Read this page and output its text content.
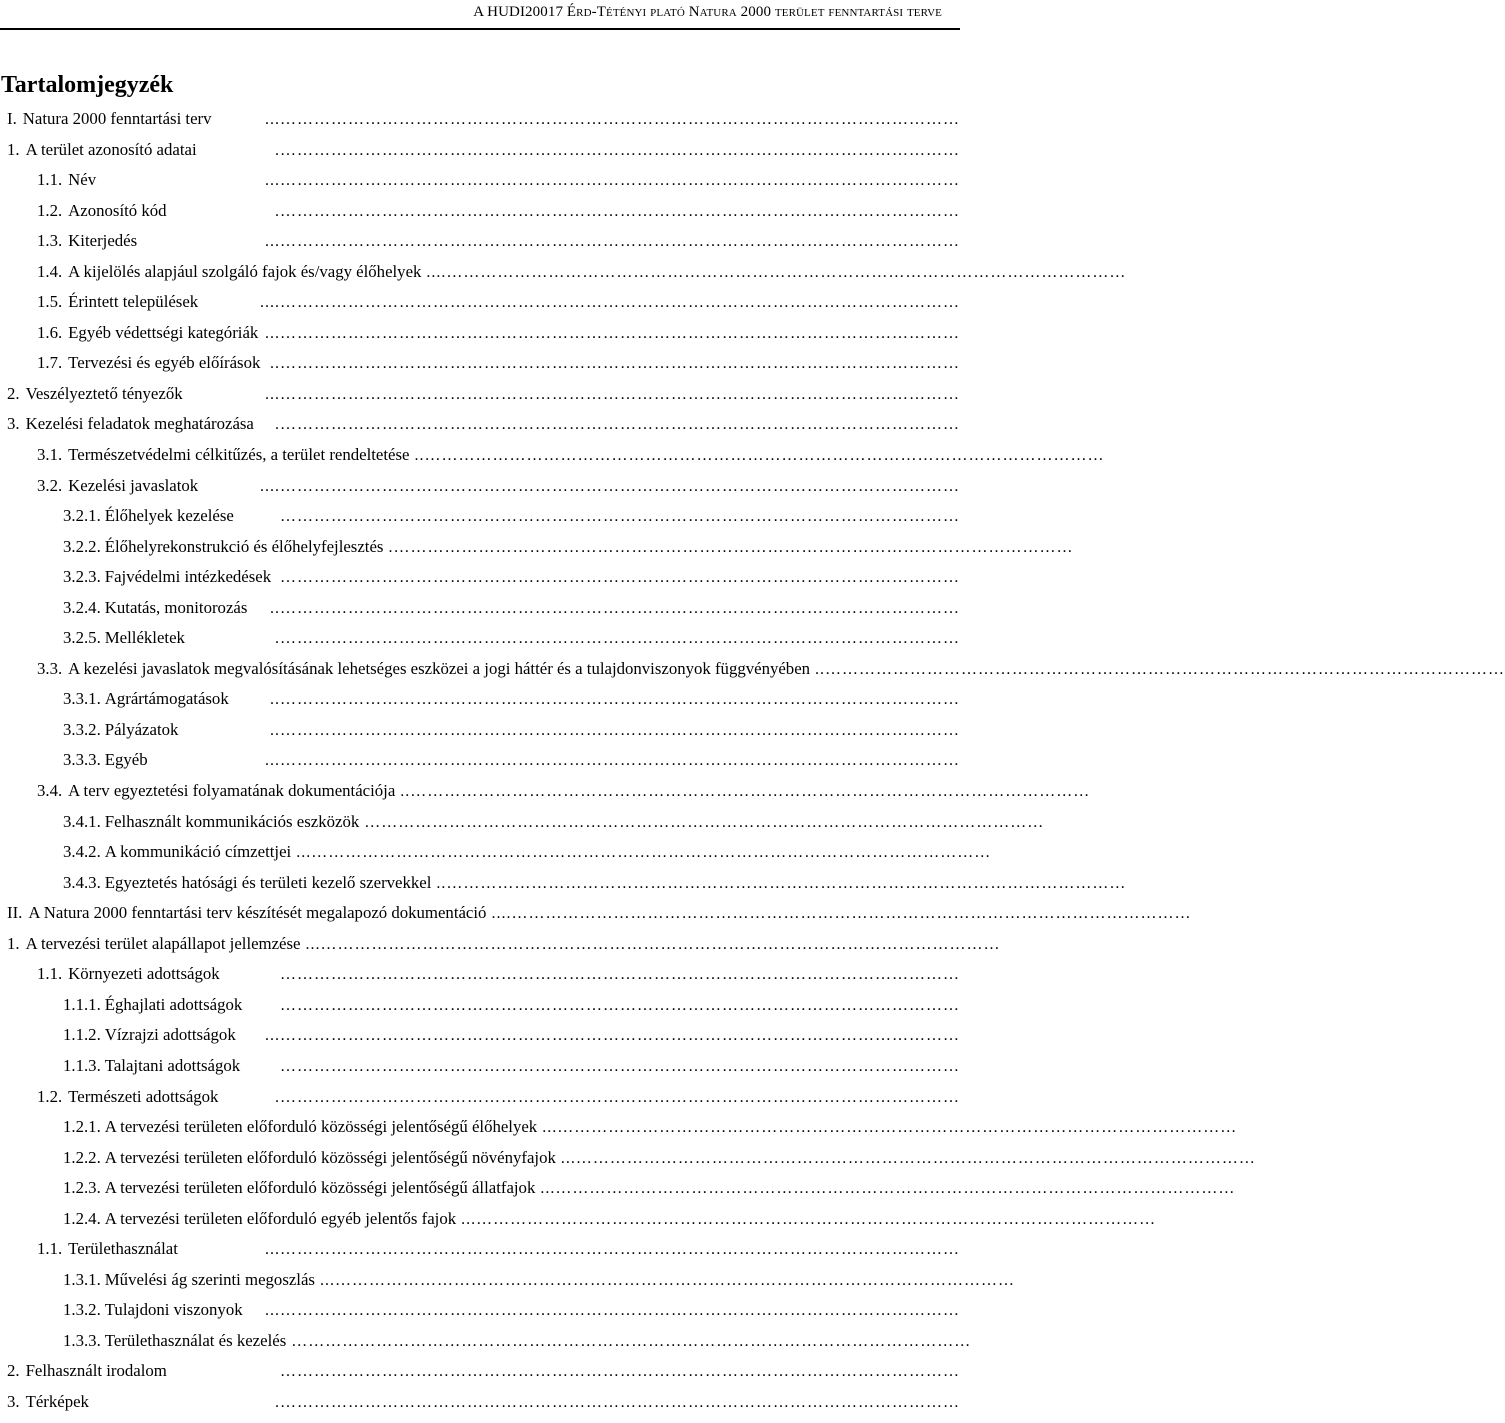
A HUDI20017 Érd-Tétényi plató Natura 2000 terület fenntartási terve
Tartalomjegyzék
I. Natura 2000 fenntartási terv	…………………………………………………………………………………………………………...
1. A terület azonosító adatai	………………………………………………………………………………………………………….
1.1. Név	…………………………………………………………………………………………………………...
1.2. Azonosító kód	………………………………………………………………………………………………………….
1.3. Kiterjedés	…………………………………………………………………………………………………………...
1.4. A kijelölés alapjául szolgáló fajok és/vagy élőhelyek	…………………………………………………………………………………………………………....
1.5. Érintett települések	…………………………………………………………………………………………………………....
1.6. Egyéb védettségi kategóriák	…………………………………………………………………………………………………………...
1.7. Tervezési és egyéb előírások	…………………………………………………………………………………………………………..
2. Veszélyeztető tényezők	…………………………………………………………………………………………………………...
3. Kezelési feladatok meghatározása	………………………………………………………………………………………………………….
3.1. Természetvédelmi célkitűzés, a terület rendeltetése …………………………………………………………………………………………………………..
3.2. Kezelési javaslatok	…………………………………………………………………………………………………………....
3.2.1. Élőhelyek kezelése	…………………………………………………………………………………………………………
3.2.2. Élőhelyrekonstrukció és élőhelyfejlesztés ………………………………………………………………………………………………………….
3.2.3. Fajvédelmi intézkedések …………………………………………………………………………………………………………
3.2.4. Kutatás, monitorozás	…………………………………………………………………………………………………………..
3.2.5. Mellékletek	………………………………………………………………………………………………………….
3.3. A kezelési javaslatok megvalósításának lehetséges eszközei a jogi háttér és a tulajdonviszonyok függvényében …………………………………………………………………………………………………………..
3.3.1. Agrártámogatások	…………………………………………………………………………………………………………..
3.3.2. Pályázatok	…………………………………………………………………………………………………………..
3.3.3. Egyéb	…………………………………………………………………………………………………………...
3.4. A terv egyeztetési folyamatának dokumentációja …………………………………………………………………………………………………………..
3.4.1. Felhasznált kommunikációs eszközök …………………………………………………………………………………………………………
3.4.2. A kommunikáció címzettjei	…………………………………………………………………………………………………………...
3.4.3. Egyeztetés hatósági és területi kezelő szervekkel …………………………………………………………………………………………………………..
II. A Natura 2000 fenntartási terv készítését megalapozó dokumentáció	…………………………………………………………………………………………………………....
1. A tervezési terület alapállapot jellemzése	…………………………………………………………………………………………………………...
1.1. Környezeti adottságok	…………………………………………………………………………………………………………
1.1.1. Éghajlati adottságok	…………………………………………………………………………………………………………
1.1.2. Vízrajzi adottságok	…………………………………………………………………………………………………………...
1.1.3. Talajtani adottságok	…………………………………………………………………………………………………………
1.2. Természeti adottságok	………………………………………………………………………………………………………….
1.2.1. A tervezési területen előforduló közösségi jelentőségű élőhelyek	…………………………………………………………………………………………………………...
1.2.2. A tervezési területen előforduló közösségi jelentőségű növényfajok	…………………………………………………………………………………………………………...
1.2.3. A tervezési területen előforduló közösségi jelentőségű állatfajok	…………………………………………………………………………………………………………...
1.2.4. A tervezési területen előforduló egyéb jelentős fajok	…………………………………………………………………………………………………………...
1.1. Területhasználat	…………………………………………………………………………………………………………...
1.3.1. Művelési ág szerinti megoszlás	…………………………………………………………………………………………………………...
1.3.2. Tulajdoni viszonyok	…………………………………………………………………………………………………………...
1.3.3. Területhasználat és kezelés …………………………………………………………………………………………………………
2. Felhasznált irodalom	…………………………………………………………………………………………………………
3. Térképek	………………………………………………………………………………………………………….
